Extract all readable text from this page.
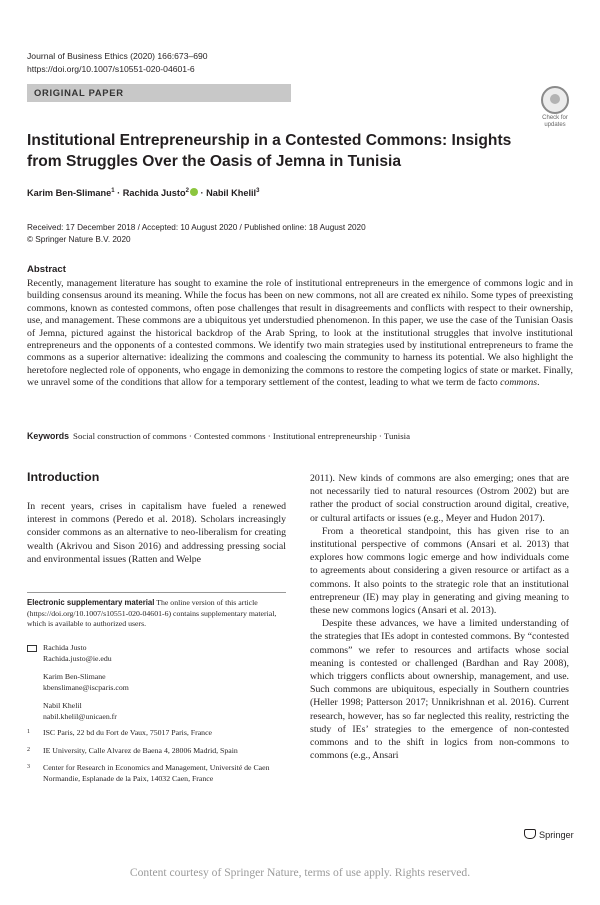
Journal of Business Ethics (2020) 166:673–690
https://doi.org/10.1007/s10551-020-04601-6
ORIGINAL PAPER
Check for
updates
Institutional Entrepreneurship in a Contested Commons: Insights from Struggles Over the Oasis of Jemna in Tunisia
Karim Ben-Slimane$^1$ · Rachida Justo$^2$ · Nabil Khelil$^3$
Received: 17 December 2018 / Accepted: 10 August 2020 / Published online: 18 August 2020
© Springer Nature B.V. 2020
Abstract
Recently, management literature has sought to examine the role of institutional entrepreneurs in the emergence of commons logic and in building consensus around its meaning. While the focus has been on new commons, not all are created ex nihilo. Some types of preexisting commons, known as contested commons, often pose challenges that result in disagreements and conflicts with respect to their ownership, use, and management. These commons are a ubiquitous yet understudied phenomenon. In this paper, we use the case of the Tunisian Oasis of Jemna, pictured against the historical backdrop of the Arab Spring, to look at the institutional struggles that involve institutional entrepreneurs and the opponents of a contested commons. We identify two main strategies used by institutional entrepreneurs to frame the commons as a superior alternative: idealizing the commons and coalescing the community to harness its potential. We also highlight the heretofore neglected role of opponents, who engage in demonizing the commons to restore the competing logics of state or market. Finally, we unravel some of the conditions that allow for a temporary settlement of the contest, leading to what we term de facto commons.
Keywords Social construction of commons · Contested commons · Institutional entrepreneurship · Tunisia
Introduction

In recent years, crises in capitalism have fueled a renewed interest in commons (Peredo et al. 2018). Scholars increasingly consider commons as an alternative to neo-liberalism for creating wealth (Akrivou and Sison 2016) and addressing pressing social and environmental issues (Ratten and Welpe

Electronic supplementary material The online version of this article (https://doi.org/10.1007/s10551-020-04601-6) contains supplementary material, which is available to authorized users.
Rachida Justo
Rachida.justo@ie.edu
Karim Ben-Slimane
kbenslimane@iscparis.com
Nabil Khelil
nabil.khelil@unicaen.fr
1 ISC Paris, 22 bd du Fort de Vaux, 75017 Paris, France
2 IE University, Calle Alvarez de Baena 4, 28006 Madrid, Spain
3 Center for Research in Economics and Management, Université de Caen Normandie, Esplanade de la Paix, 14032 Caen, France

2011). New kinds of commons are also emerging; ones that are not necessarily tied to natural resources (Ostrom 2002) but are rather the product of social construction around digital, creative, or cultural artifacts or issues (e.g., Meyer and Hudon 2017).

From a theoretical standpoint, this has given rise to an institutional perspective of commons (Ansari et al. 2013) that explores how commons logic emerge and how individuals come to agreements about considering a given resource or artifact as a commons. It also points to the strategic role that an institutional entrepreneur (IE) may play in generating and giving meaning to these new commons logics (Ansari et al. 2013).

Despite these advances, we have a limited understanding of the strategies that IEs adopt in contested commons. By “contested commons” we refer to resources and artifacts whose social meaning is contested or challenged (Bardhan and Ray 2008), which triggers conflicts about ownership, management, and use. Such commons are ubiquitous, especially in Southern countries (Heller 1998; Patterson 2017; Unnikrishnan et al. 2016). Current research, however, has so far neglected this reality, restricting the study of IEs’ strategies to the emergence of non-contested commons and to the shift in logics from non-commons to commons (e.g., Ansari

Springer
Content courtesy of Springer Nature, terms of use apply. Rights reserved.
